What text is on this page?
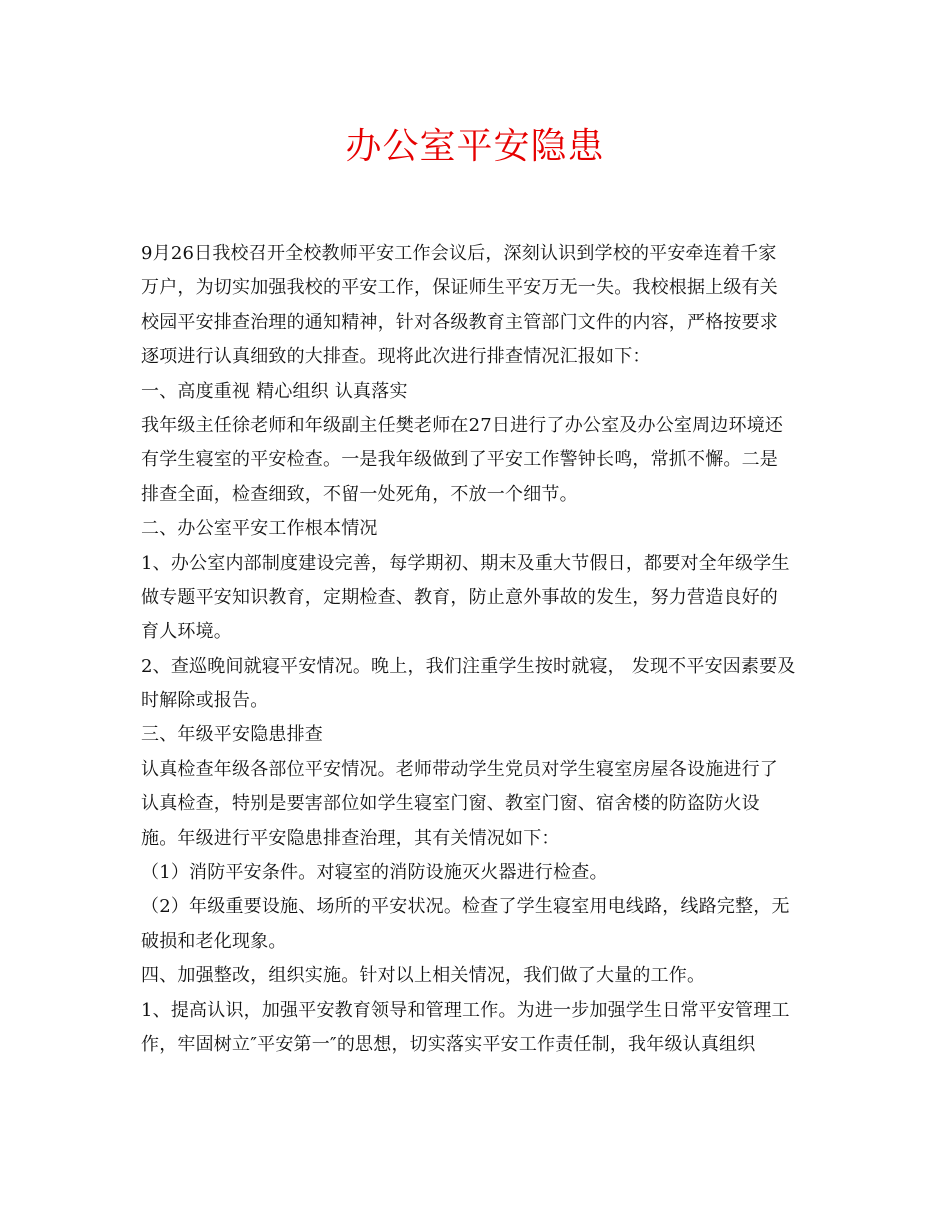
办公室平安隐患
9月26日我校召开全校教师平安工作会议后，深刻认识到学校的平安牵连着千家
万户，为切实加强我校的平安工作，保证师生平安万无一失。我校根据上级有关
校园平安排查治理的通知精神，针对各级教育主管部门文件的内容，严格按要求
逐项进行认真细致的大排查。现将此次进行排查情况汇报如下：
一、高度重视 精心组织 认真落实
我年级主任徐老师和年级副主任樊老师在27日进行了办公室及办公室周边环境还
有学生寝室的平安检查。一是我年级做到了平安工作警钟长鸣，常抓不懈。二是
排查全面，检查细致，不留一处死角，不放一个细节。
二、办公室平安工作根本情况
1、办公室内部制度建设完善，每学期初、期末及重大节假日，都要对全年级学生
做专题平安知识教育，定期检查、教育，防止意外事故的发生，努力营造良好的
育人环境。
2、查巡晚间就寝平安情况。晚上，我们注重学生按时就寝， 发现不平安因素要及
时解除或报告。
三、年级平安隐患排查
认真检查年级各部位平安情况。老师带动学生党员对学生寝室房屋各设施进行了
认真检查，特别是要害部位如学生寝室门窗、教室门窗、宿舍楼的防盗防火设
施。年级进行平安隐患排查治理，其有关情况如下：
（1）消防平安条件。对寝室的消防设施灭火器进行检查。
（2）年级重要设施、场所的平安状况。检查了学生寝室用电线路，线路完整，无
破损和老化现象。
四、加强整改，组织实施。针对以上相关情况，我们做了大量的工作。
1、提高认识，加强平安教育领导和管理工作。为进一步加强学生日常平安管理工
作，牢固树立″平安第一″的思想，切实落实平安工作责任制，我年级认真组织
